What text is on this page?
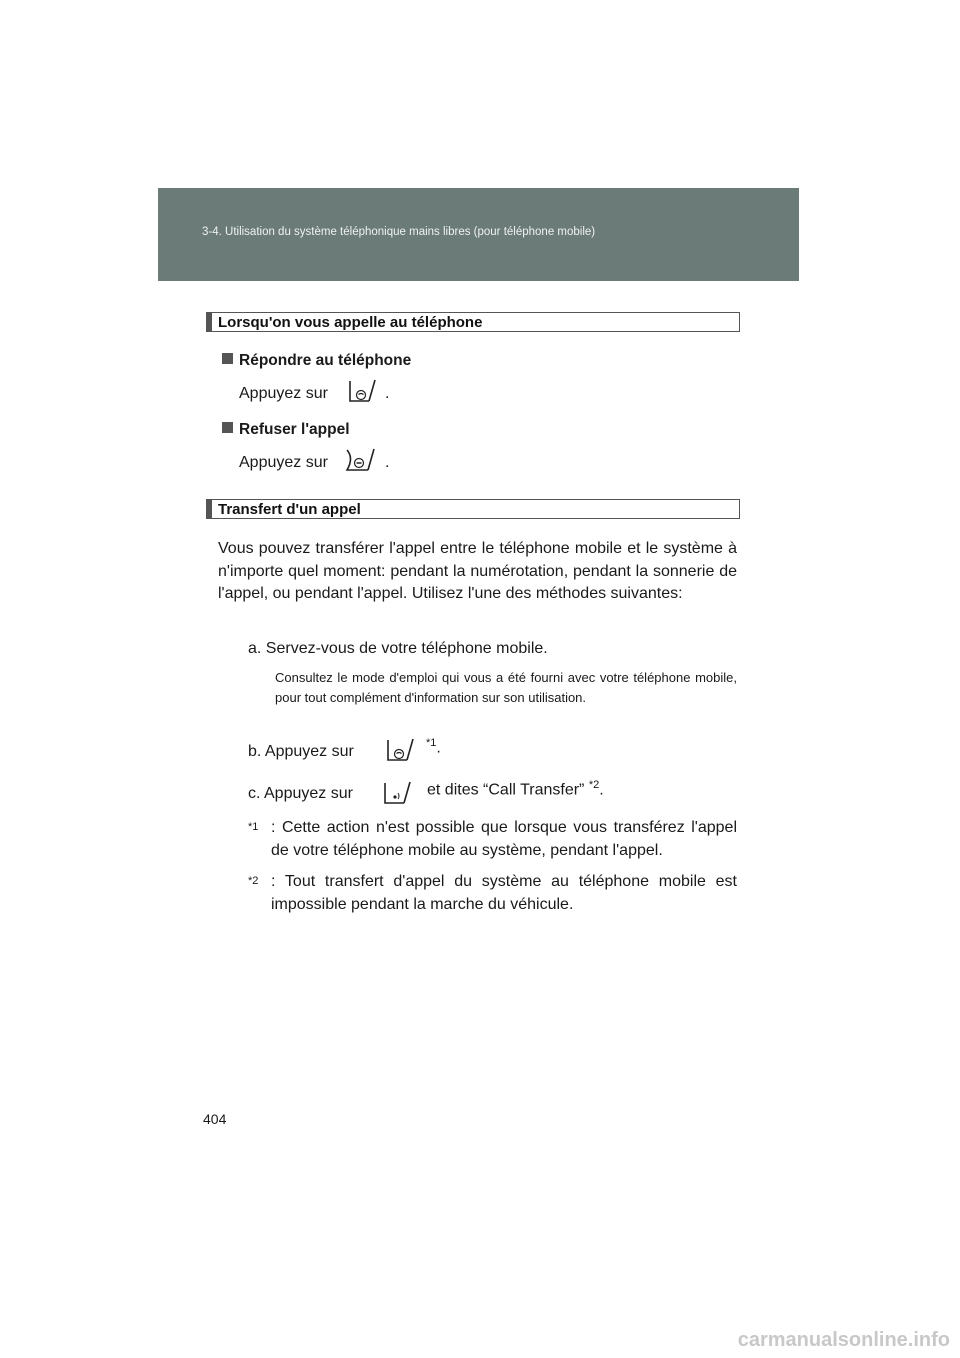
3-4. Utilisation du système téléphonique mains libres (pour téléphone mobile)
Lorsqu'on vous appelle au téléphone
Répondre au téléphone
Appuyez sur	.
Refuser l'appel
Appuyez sur	.
Transfert d'un appel
Vous pouvez transférer l'appel entre le téléphone mobile et le système à n'importe quel moment: pendant la numérotation, pendant la sonnerie de l'appel, ou pendant l'appel. Utilisez l'une des méthodes suivantes:
a. Servez-vous de votre téléphone mobile.
Consultez le mode d'emploi qui vous a été fourni avec votre téléphone mobile, pour tout complément d'information sur son utilisation.
b. Appuyez sur	$^{*1}$.
c. Appuyez sur	et dites “Call Transfer” $^{*2}$.
*1 : Cette action n'est possible que lorsque vous transférez l'appel de votre téléphone mobile au système, pendant l'appel.
*2 : Tout transfert d'appel du système au téléphone mobile est impossible pendant la marche du véhicule.
404
carmanualsonline.info
